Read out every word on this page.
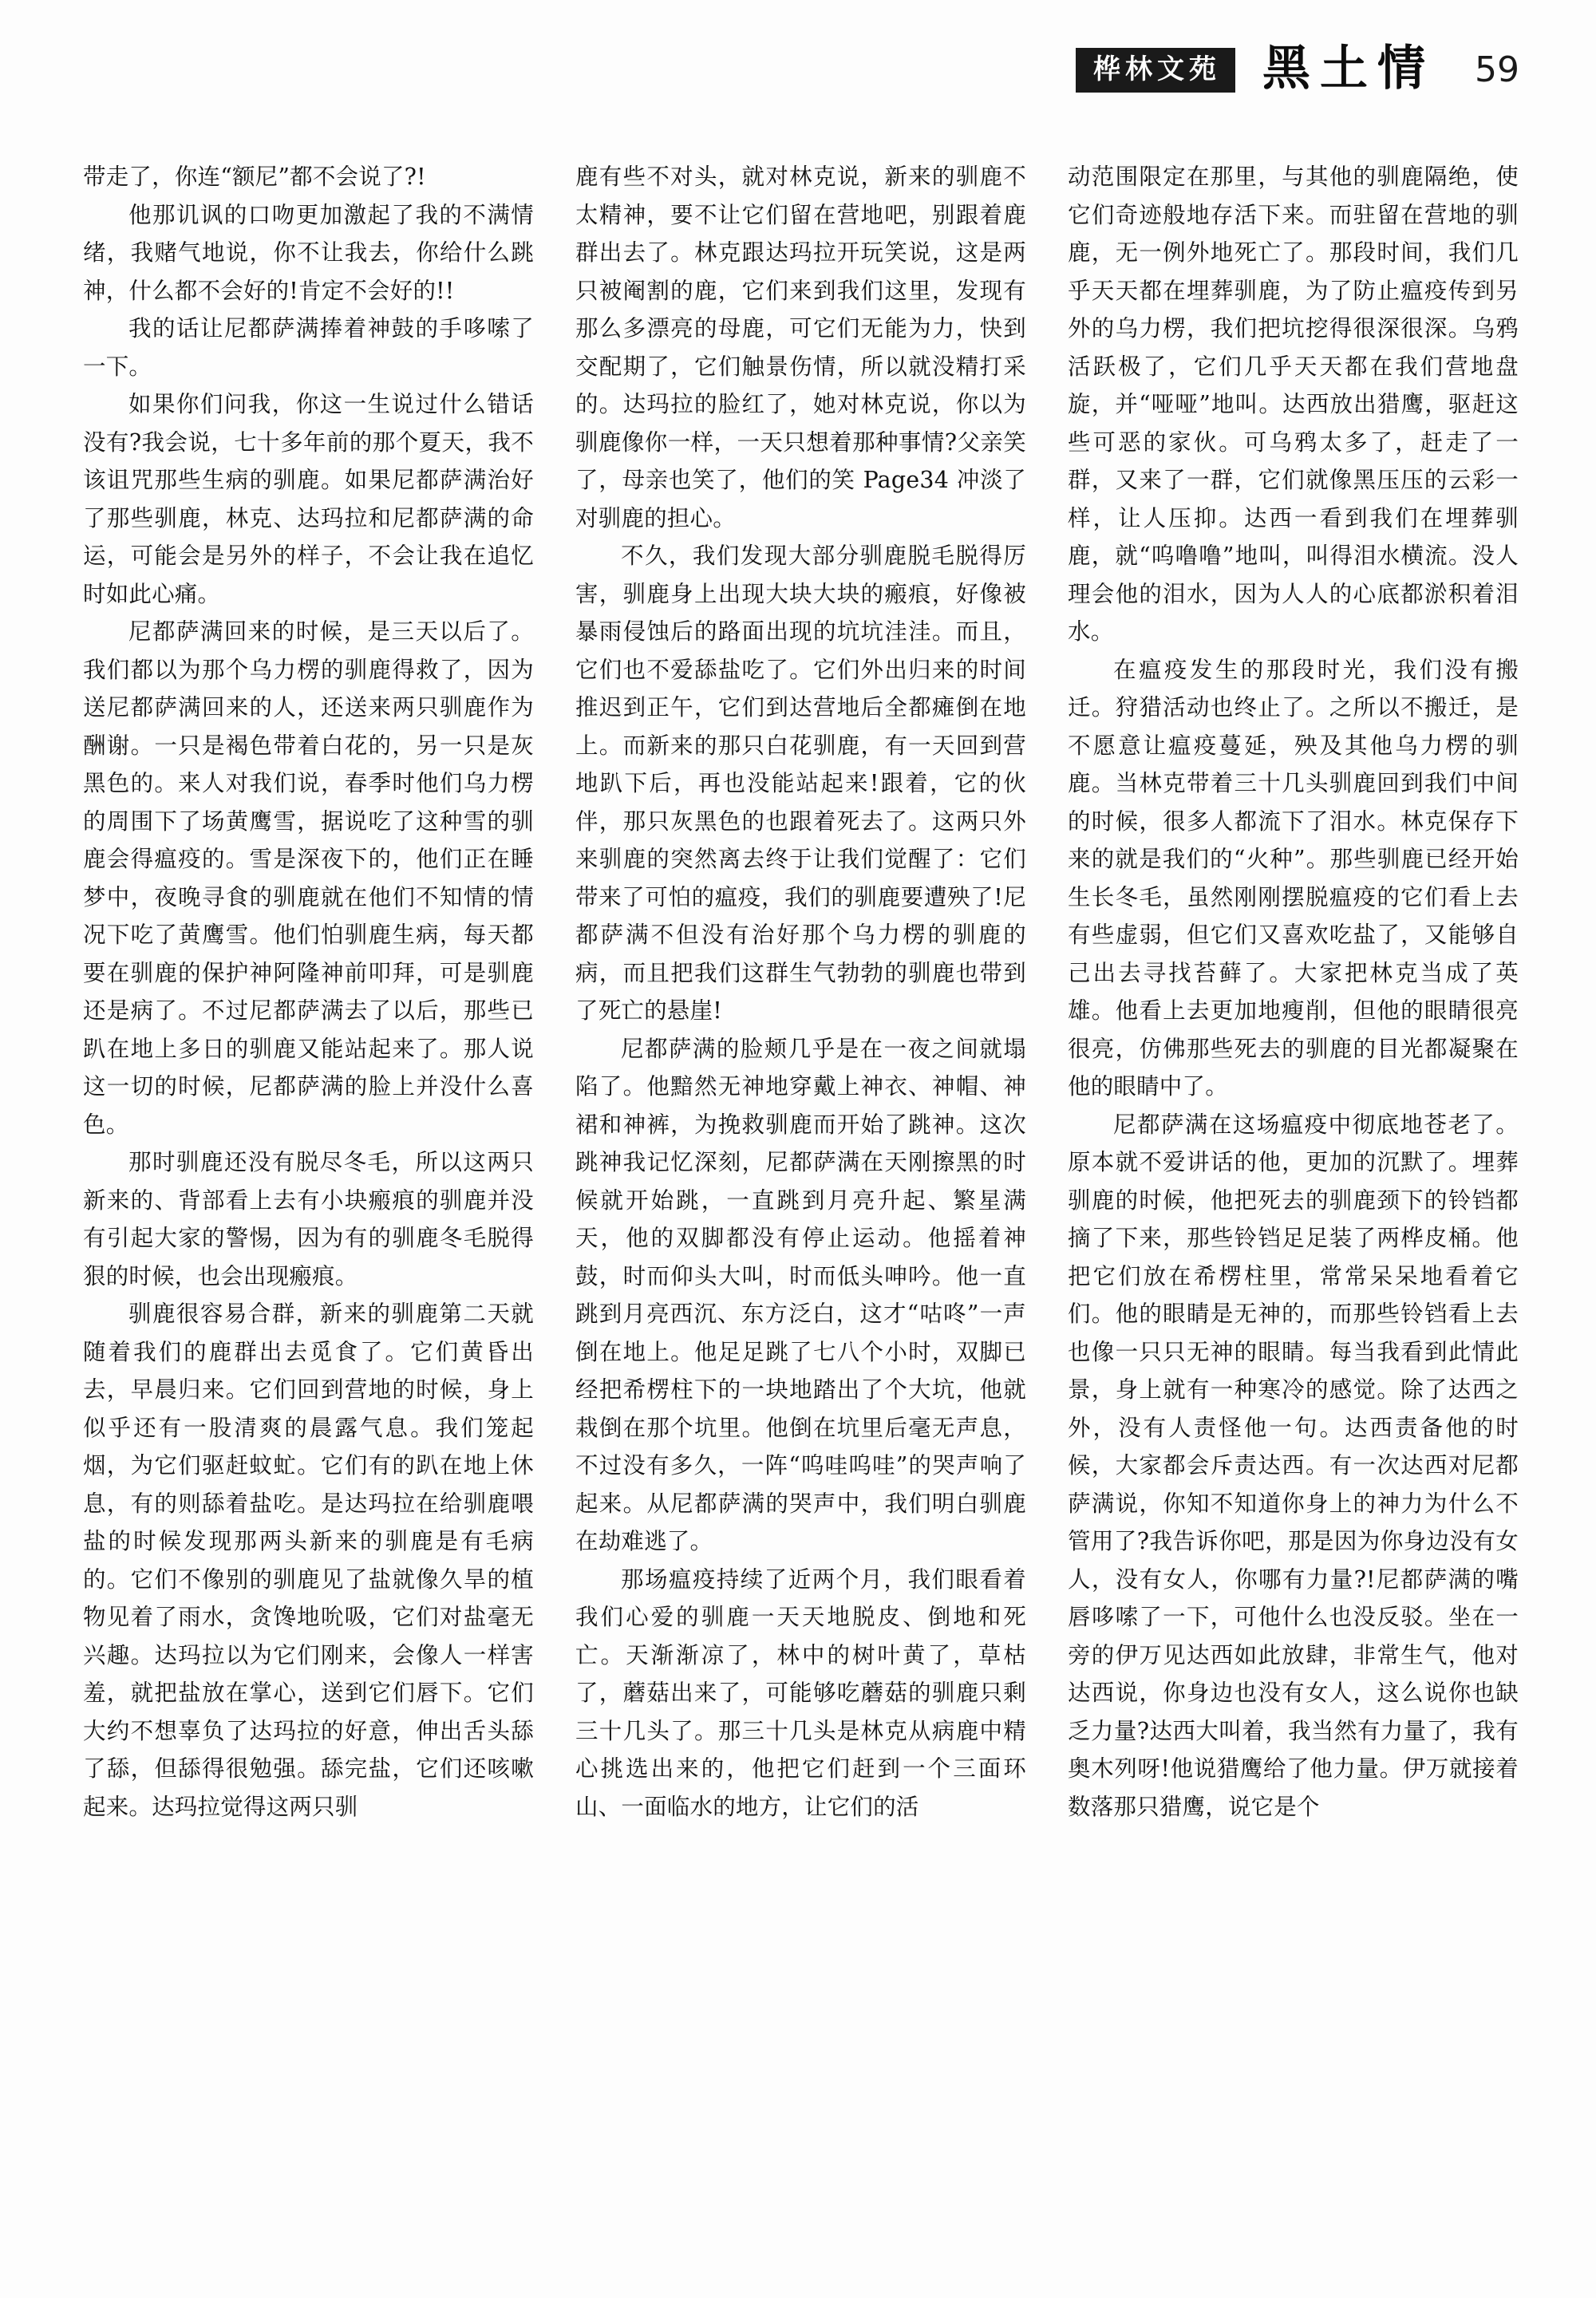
桦林文苑 黑土情 59

带走了，你连“额尼”都不会说了?!

他那讥讽的口吻更加激起了我的不满情绪，我赌气地说，你不让我去，你给什么跳神，什么都不会好的!肯定不会好的!!

我的话让尼都萨满捧着神鼓的手哆嗦了一下。

如果你们问我，你这一生说过什么错话没有?我会说，七十多年前的那个夏天，我不该诅咒那些生病的驯鹿。如果尼都萨满治好了那些驯鹿，林克、达玛拉和尼都萨满的命运，可能会是另外的样子，不会让我在追忆时如此心痛。

尼都萨满回来的时候，是三天以后了。我们都以为那个乌力楞的驯鹿得救了，因为送尼都萨满回来的人，还送来两只驯鹿作为酬谢。一只是褐色带着白花的，另一只是灰黑色的。来人对我们说，春季时他们乌力楞的周围下了场黄鹰雪，据说吃了这种雪的驯鹿会得瘟疫的。雪是深夜下的，他们正在睡梦中，夜晚寻食的驯鹿就在他们不知情的情况下吃了黄鹰雪。他们怕驯鹿生病，每天都要在驯鹿的保护神阿隆神前叩拜，可是驯鹿还是病了。不过尼都萨满去了以后，那些已趴在地上多日的驯鹿又能站起来了。那人说这一切的时候，尼都萨满的脸上并没什么喜色。

那时驯鹿还没有脱尽冬毛，所以这两只新来的、背部看上去有小块瘢痕的驯鹿并没有引起大家的警惕，因为有的驯鹿冬毛脱得狠的时候，也会出现瘢痕。

驯鹿很容易合群，新来的驯鹿第二天就随着我们的鹿群出去觅食了。它们黄昏出去，早晨归来。它们回到营地的时候，身上似乎还有一股清爽的晨露气息。我们笼起烟，为它们驱赶蚊虻。它们有的趴在地上休息，有的则舔着盐吃。是达玛拉在给驯鹿喂盐的时候发现那两头新来的驯鹿是有毛病的。它们不像别的驯鹿见了盐就像久旱的植物见着了雨水，贪馋地吮吸，它们对盐毫无兴趣。达玛拉以为它们刚来，会像人一样害羞，就把盐放在掌心，送到它们唇下。它们大约不想辜负了达玛拉的好意，伸出舌头舔了舔，但舔得很勉强。舔完盐，它们还咳嗽起来。达玛拉觉得这两只驯

鹿有些不对头，就对林克说，新来的驯鹿不太精神，要不让它们留在营地吧，别跟着鹿群出去了。林克跟达玛拉开玩笑说，这是两只被阉割的鹿，它们来到我们这里，发现有那么多漂亮的母鹿，可它们无能为力，快到交配期了，它们触景伤情，所以就没精打采的。达玛拉的脸红了，她对林克说，你以为驯鹿像你一样，一天只想着那种事情?父亲笑了，母亲也笑了，他们的笑 Page34 冲淡了对驯鹿的担心。

不久，我们发现大部分驯鹿脱毛脱得厉害，驯鹿身上出现大块大块的瘢痕，好像被暴雨侵蚀后的路面出现的坑坑洼洼。而且，它们也不爱舔盐吃了。它们外出归来的时间推迟到正午，它们到达营地后全都瘫倒在地上。而新来的那只白花驯鹿，有一天回到营地趴下后，再也没能站起来!跟着，它的伙伴，那只灰黑色的也跟着死去了。这两只外来驯鹿的突然离去终于让我们觉醒了：它们带来了可怕的瘟疫，我们的驯鹿要遭殃了!尼都萨满不但没有治好那个乌力楞的驯鹿的病，而且把我们这群生气勃勃的驯鹿也带到了死亡的悬崖!

尼都萨满的脸颊几乎是在一夜之间就塌陷了。他黯然无神地穿戴上神衣、神帽、神裙和神裤，为挽救驯鹿而开始了跳神。这次跳神我记忆深刻，尼都萨满在天刚擦黑的时候就开始跳，一直跳到月亮升起、繁星满天，他的双脚都没有停止运动。他摇着神鼓，时而仰头大叫，时而低头呻吟。他一直跳到月亮西沉、东方泛白，这才“咕咚”一声倒在地上。他足足跳了七八个小时，双脚已经把希楞柱下的一块地踏出了个大坑，他就栽倒在那个坑里。他倒在坑里后毫无声息，不过没有多久，一阵“呜哇呜哇”的哭声响了起来。从尼都萨满的哭声中，我们明白驯鹿在劫难逃了。

那场瘟疫持续了近两个月，我们眼看着我们心爱的驯鹿一天天地脱皮、倒地和死亡。天渐渐凉了，林中的树叶黄了，草枯了，蘑菇出来了，可能够吃蘑菇的驯鹿只剩三十几头了。那三十几头是林克从病鹿中精心挑选出来的，他把它们赶到一个三面环山、一面临水的地方，让它们的活

动范围限定在那里，与其他的驯鹿隔绝，使它们奇迹般地存活下来。而驻留在营地的驯鹿，无一例外地死亡了。那段时间，我们几乎天天都在埋葬驯鹿，为了防止瘟疫传到另外的乌力楞，我们把坑挖得很深很深。乌鸦活跃极了，它们几乎天天都在我们营地盘旋，并“哑哑”地叫。达西放出猎鹰，驱赶这些可恶的家伙。可乌鸦太多了，赶走了一群，又来了一群，它们就像黑压压的云彩一样，让人压抑。达西一看到我们在埋葬驯鹿，就“呜噜噜”地叫，叫得泪水横流。没人理会他的泪水，因为人人的心底都淤积着泪水。

在瘟疫发生的那段时光，我们没有搬迁。狩猎活动也终止了。之所以不搬迁，是不愿意让瘟疫蔓延，殃及其他乌力楞的驯鹿。当林克带着三十几头驯鹿回到我们中间的时候，很多人都流下了泪水。林克保存下来的就是我们的“火种”。那些驯鹿已经开始生长冬毛，虽然刚刚摆脱瘟疫的它们看上去有些虚弱，但它们又喜欢吃盐了，又能够自己出去寻找苔藓了。大家把林克当成了英雄。他看上去更加地瘦削，但他的眼睛很亮很亮，仿佛那些死去的驯鹿的目光都凝聚在他的眼睛中了。

尼都萨满在这场瘟疫中彻底地苍老了。原本就不爱讲话的他，更加的沉默了。埋葬驯鹿的时候，他把死去的驯鹿颈下的铃铛都摘了下来，那些铃铛足足装了两桦皮桶。他把它们放在希楞柱里，常常呆呆地看着它们。他的眼睛是无神的，而那些铃铛看上去也像一只只无神的眼睛。每当我看到此情此景，身上就有一种寒冷的感觉。除了达西之外，没有人责怪他一句。达西责备他的时候，大家都会斥责达西。有一次达西对尼都萨满说，你知不知道你身上的神力为什么不管用了?我告诉你吧，那是因为你身边没有女人，没有女人，你哪有力量?!尼都萨满的嘴唇哆嗦了一下，可他什么也没反驳。坐在一旁的伊万见达西如此放肆，非常生气，他对达西说，你身边也没有女人，这么说你也缺乏力量?达西大叫着，我当然有力量了，我有奥木列呀!他说猎鹰给了他力量。伊万就接着数落那只猎鹰，说它是个
